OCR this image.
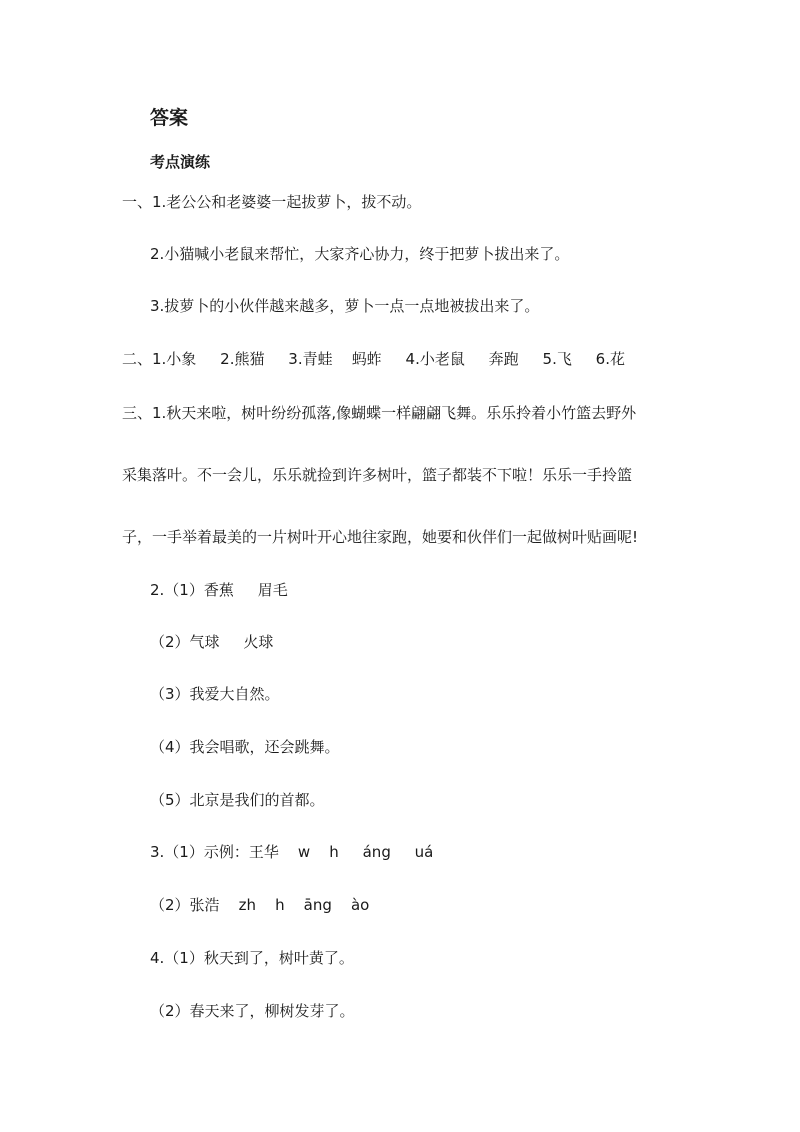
答案
考点演练

一、1.老公公和老婆婆一起拔萝卜，拔不动。

2.小猫喊小老鼠来帮忙，大家齐心协力，终于把萝卜拔出来了。

3.拔萝卜的小伙伴越来越多，萝卜一点一点地被拔出来了。

二、1.小象     2.熊猫     3.青蛙    蚂蚱     4.小老鼠     奔跑     5.飞     6.花

三、1.秋天来啦，树叶纷纷孤落,像蝴蝶一样翩翩飞舞。乐乐拎着小竹篮去野外

采集落叶。不一会儿，乐乐就捡到许多树叶，篮子都装不下啦！乐乐一手拎篮

子，一手举着最美的一片树叶开心地往家跑，她要和伙伴们一起做树叶贴画呢!

2.（1）香蕉     眉毛

（2）气球     火球

（3）我爱大自然。

（4）我会唱歌，还会跳舞。

（5）北京是我们的首都。

3.（1）示例：王华    w    h     áng     uá

（2）张浩    zh    h    āng    ào

4.（1）秋天到了，树叶黄了。

（2）春天来了，柳树发芽了。
